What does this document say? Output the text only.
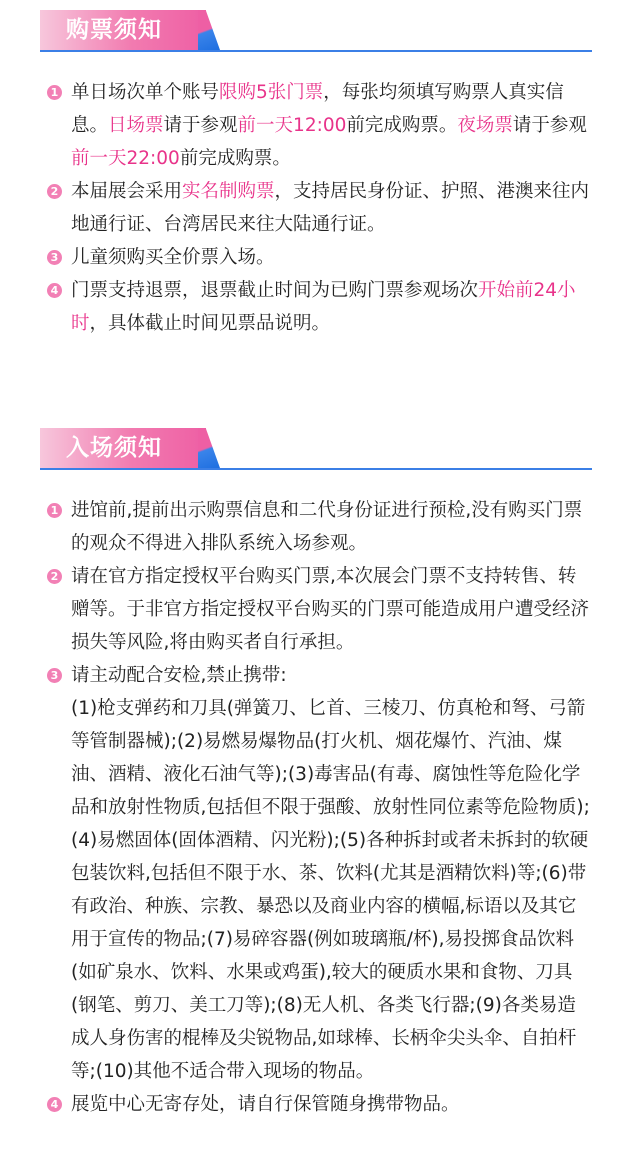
购票须知
1 单日场次单个账号限购5张门票，每张均须填写购票人真实信息。日场票请于参观前一天12:00前完成购票。夜场票请于参观前一天22:00前完成购票。
2 本届展会采用实名制购票，支持居民身份证、护照、港澳来往内地通行证、台湾居民来往大陆通行证。
3 儿童须购买全价票入场。
4 门票支持退票，退票截止时间为已购门票参观场次开始前24小时，具体截止时间见票品说明。
入场须知
1 进馆前,提前出示购票信息和二代身份证进行预检,没有购买门票的观众不得进入排队系统入场参观。
2 请在官方指定授权平台购买门票,本次展会门票不支持转售、转赠等。于非官方指定授权平台购买的门票可能造成用户遭受经济损失等风险,将由购买者自行承担。
3 请主动配合安检,禁止携带:
(1)枪支弹药和刀具(弹簧刀、匕首、三棱刀、仿真枪和弩、弓箭等管制器械);(2)易燃易爆物品(打火机、烟花爆竹、汽油、煤油、酒精、液化石油气等);(3)毒害品(有毒、腐蚀性等危险化学品和放射性物质,包括但不限于强酸、放射性同位素等危险物质);(4)易燃固体(固体酒精、闪光粉);(5)各种拆封或者未拆封的软硬包装饮料,包括但不限于水、茶、饮料(尤其是酒精饮料)等;(6)带有政治、种族、宗教、暴恐以及商业内容的横幅,标语以及其它用于宣传的物品;(7)易碎容器(例如玻璃瓶/杯),易投掷食品饮料(如矿泉水、饮料、水果或鸡蛋),较大的硬质水果和食物、刀具(钢笔、剪刀、美工刀等);(8)无人机、各类飞行器;(9)各类易造成人身伤害的棍棒及尖锐物品,如球棒、长柄伞尖头伞、自拍杆等;(10)其他不适合带入现场的物品。
4 展览中心无寄存处，请自行保管随身携带物品。
